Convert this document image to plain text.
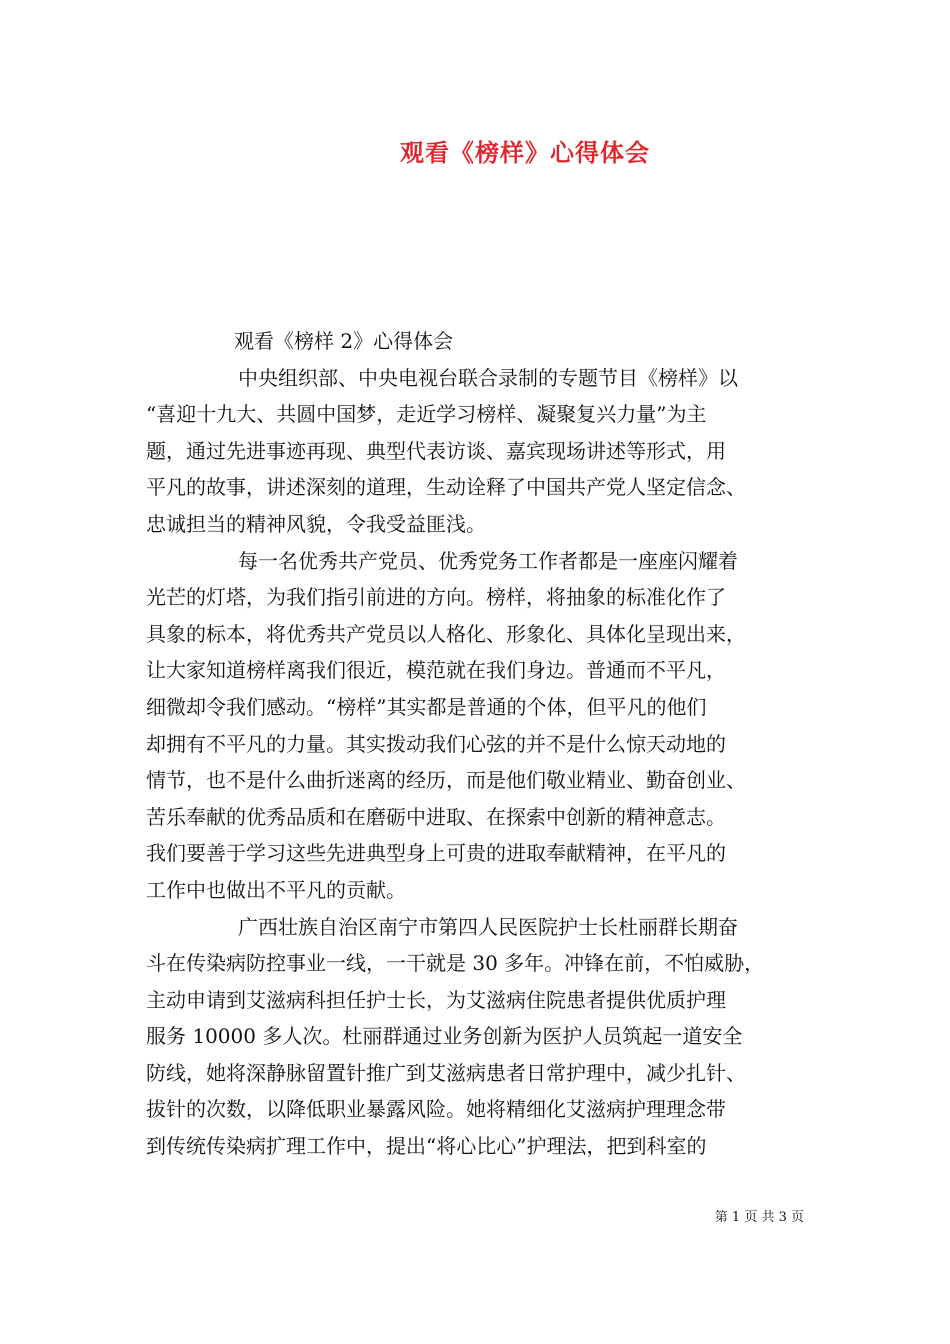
观看《榜样》心得体会

观看《榜样 2》心得体会

中央组织部、中央电视台联合录制的专题节目《榜样》以
“喜迎十九大、共圆中国梦，走近学习榜样、凝聚复兴力量”为主
题，通过先进事迹再现、典型代表访谈、嘉宾现场讲述等形式，用
平凡的故事，讲述深刻的道理，生动诠释了中国共产党人坚定信念、
忠诚担当的精神风貌，令我受益匪浅。

每一名优秀共产党员、优秀党务工作者都是一座座闪耀着
光芒的灯塔，为我们指引前进的方向。榜样，将抽象的标准化作了
具象的标本，将优秀共产党员以人格化、形象化、具体化呈现出来，
让大家知道榜样离我们很近，模范就在我们身边。普通而不平凡，
细微却令我们感动。“榜样”其实都是普通的个体，但平凡的他们
却拥有不平凡的力量。其实拨动我们心弦的并不是什么惊天动地的
情节，也不是什么曲折迷离的经历，而是他们敬业精业、勤奋创业、
苦乐奉献的优秀品质和在磨砺中进取、在探索中创新的精神意志。
我们要善于学习这些先进典型身上可贵的进取奉献精神，在平凡的
工作中也做出不平凡的贡献。

广西壮族自治区南宁市第四人民医院护士长杜丽群长期奋
斗在传染病防控事业一线，一干就是 30 多年。冲锋在前，不怕威胁，
主动申请到艾滋病科担任护士长，为艾滋病住院患者提供优质护理
服务 10000 多人次。杜丽群通过业务创新为医护人员筑起一道安全
防线，她将深静脉留置针推广到艾滋病患者日常护理中，减少扎针、
拔针的次数，以降低职业暴露风险。她将精细化艾滋病护理理念带
到传统传染病扩理工作中，提出“将心比心”护理法，把到科室的

第 1 页 共 3 页
